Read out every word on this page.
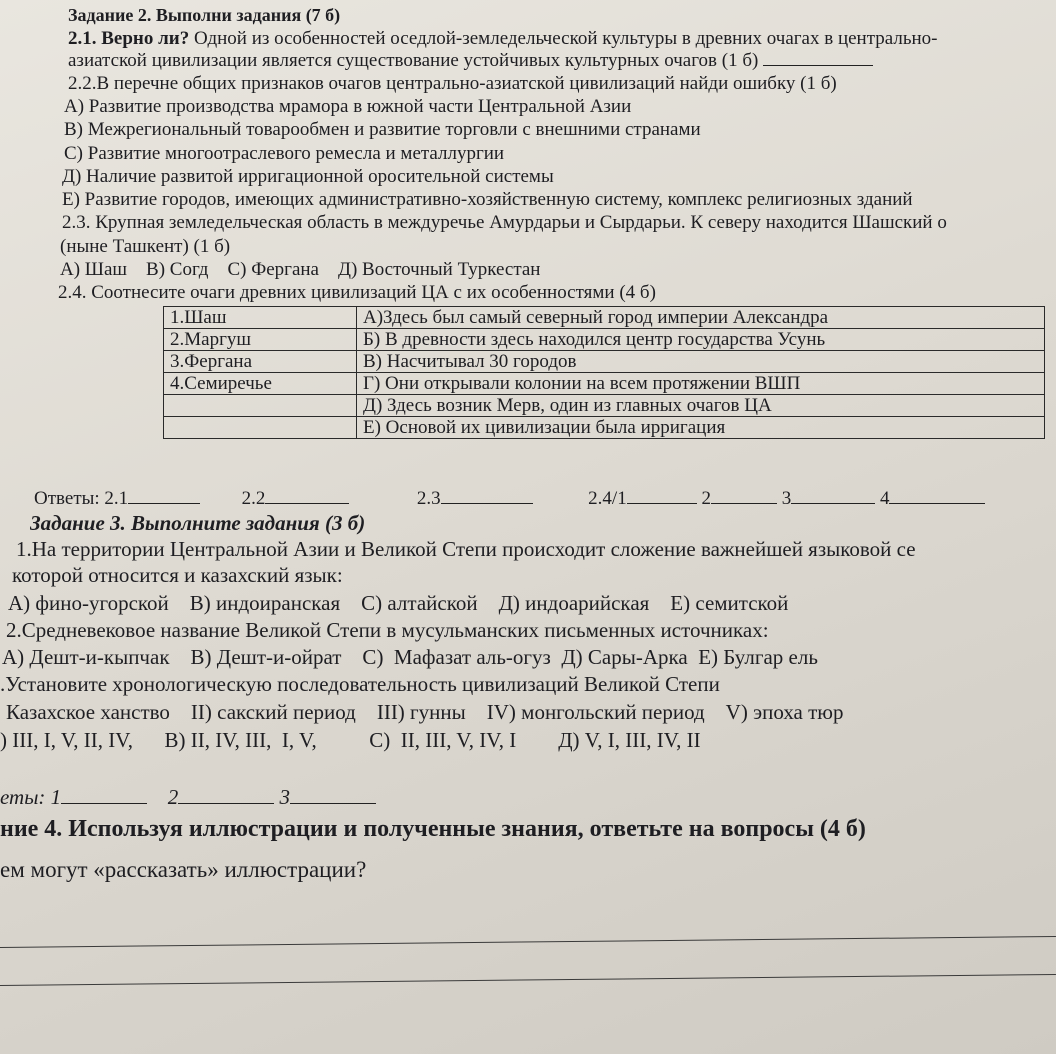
Задание 2. Выполни задания (7 б)
2.1. Верно ли? Одной из особенностей оседлой-земледельческой культуры в древних очагах в центрально-
азиатской цивилизации является существование устойчивых культурных очагов (1 б)
2.2.В перечне общих признаков очагов центрально-азиатской цивилизаций найди ошибку (1 б)
А) Развитие производства мрамора в южной части Центральной Азии
В) Межрегиональный товарообмен и развитие торговли с внешними странами
С) Развитие многоотраслевого ремесла и металлургии
Д) Наличие развитой ирригационной оросительной системы
Е) Развитие городов, имеющих административно-хозяйственную систему, комплекс религиозных зданий
2.3. Крупная земледельческая область в междуречье Амурдарьи и Сырдарьи. К северу находится Шашский о
(ныне Ташкент) (1 б)
А) Шаш    В) Согд    С) Фергана    Д) Восточный Туркестан
2.4. Соотнесите очаги древних цивилизаций ЦА с их особенностями (4 б)
1.Шаш	А)Здесь был самый северный город империи Александра
2.Маргуш	Б) В древности здесь находился центр государства Усунь
3.Фергана	В) Насчитывал 30 городов
4.Семиречье	Г) Они открывали колонии на всем протяжении ВШП
	Д) Здесь возник Мерв, один из главных очагов ЦА
	Е) Основой их цивилизации была ирригация
Ответы: 2.1	2.2	2.3	2.4/1	2	3	4
Задание 3. Выполните задания (3 б)
1.На территории Центральной Азии и Великой Степи происходит сложение важнейшей языковой се
которой относится и казахский язык:
А) фино-угорской    В) индоиранская    С) алтайской    Д) индоарийская    Е) семитской
2.Средневековое название Великой Степи в мусульманских письменных источниках:
А) Дешт-и-кыпчак    В) Дешт-и-ойрат    С)  Мафазат аль-огуз  Д) Сары-Арка  Е) Булгар ель
.Установите хронологическую последовательность цивилизаций Великой Степи
Казахское ханство    II) сакский период    III) гунны    IV) монгольский период    V) эпоха тюр
) III, I, V, II, IV,      В) II, IV, III,  I, V,          С)  II, III, V, IV, I        Д) V, I, III, IV, II
еты: 1	2	3
ние 4. Используя иллюстрации и полученные знания, ответьте на вопросы (4 б)
ем могут «рассказать» иллюстрации?
